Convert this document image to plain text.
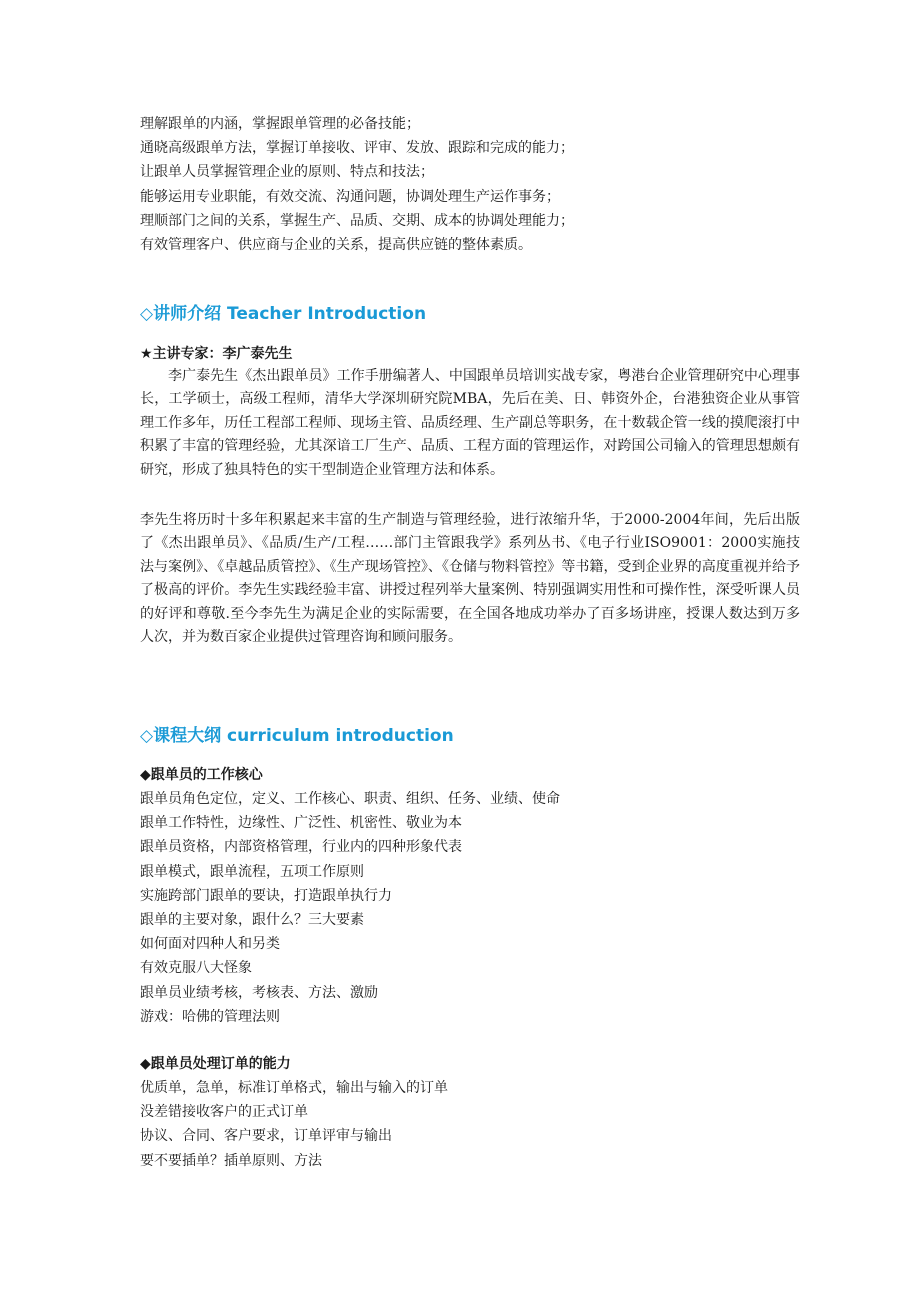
理解跟单的内涵，掌握跟单管理的必备技能；
通晓高级跟单方法，掌握订单接收、评审、发放、跟踪和完成的能力；
让跟单人员掌握管理企业的原则、特点和技法；
能够运用专业职能，有效交流、沟通问题，协调处理生产运作事务；
理顺部门之间的关系，掌握生产、品质、交期、成本的协调处理能力；
有效管理客户、供应商与企业的关系，提高供应链的整体素质。
◇讲师介绍 Teacher Introduction
★主讲专家：李广泰先生
李广泰先生《杰出跟单员》工作手册编著人、中国跟单员培训实战专家，粤港台企业管理研究中心理事长，工学硕士，高级工程师，清华大学深圳研究院MBA，先后在美、日、韩资外企，台港独资企业从事管理工作多年，历任工程部工程师、现场主管、品质经理、生产副总等职务，在十数载企管一线的摸爬滚打中积累了丰富的管理经验，尤其深谙工厂生产、品质、工程方面的管理运作，对跨国公司输入的管理思想颇有研究，形成了独具特色的实干型制造企业管理方法和体系。
李先生将历时十多年积累起来丰富的生产制造与管理经验，进行浓缩升华，于2000-2004年间，先后出版了《杰出跟单员》、《品质/生产/工程……部门主管跟我学》系列丛书、《电子行业ISO9001：2000实施技法与案例》、《卓越品质管控》、《生产现场管控》、《仓储与物料管控》等书籍，受到企业界的高度重视并给予了极高的评价。李先生实践经验丰富、讲授过程列举大量案例、特别强调实用性和可操作性，深受听课人员的好评和尊敬.至今李先生为满足企业的实际需要，在全国各地成功举办了百多场讲座，授课人数达到万多人次，并为数百家企业提供过管理咨询和顾问服务。
◇课程大纲 curriculum introduction
◆跟单员的工作核心
跟单员角色定位，定义、工作核心、职责、组织、任务、业绩、使命
跟单工作特性，边缘性、广泛性、机密性、敬业为本
跟单员资格，内部资格管理，行业内的四种形象代表
跟单模式，跟单流程，五项工作原则
实施跨部门跟单的要诀，打造跟单执行力
跟单的主要对象，跟什么？三大要素
如何面对四种人和另类
有效克服八大怪象
跟单员业绩考核，考核表、方法、激励
游戏：哈佛的管理法则
◆跟单员处理订单的能力
优质单，急单，标准订单格式，输出与输入的订单
没差错接收客户的正式订单
协议、合同、客户要求，订单评审与输出
要不要插单？插单原则、方法
